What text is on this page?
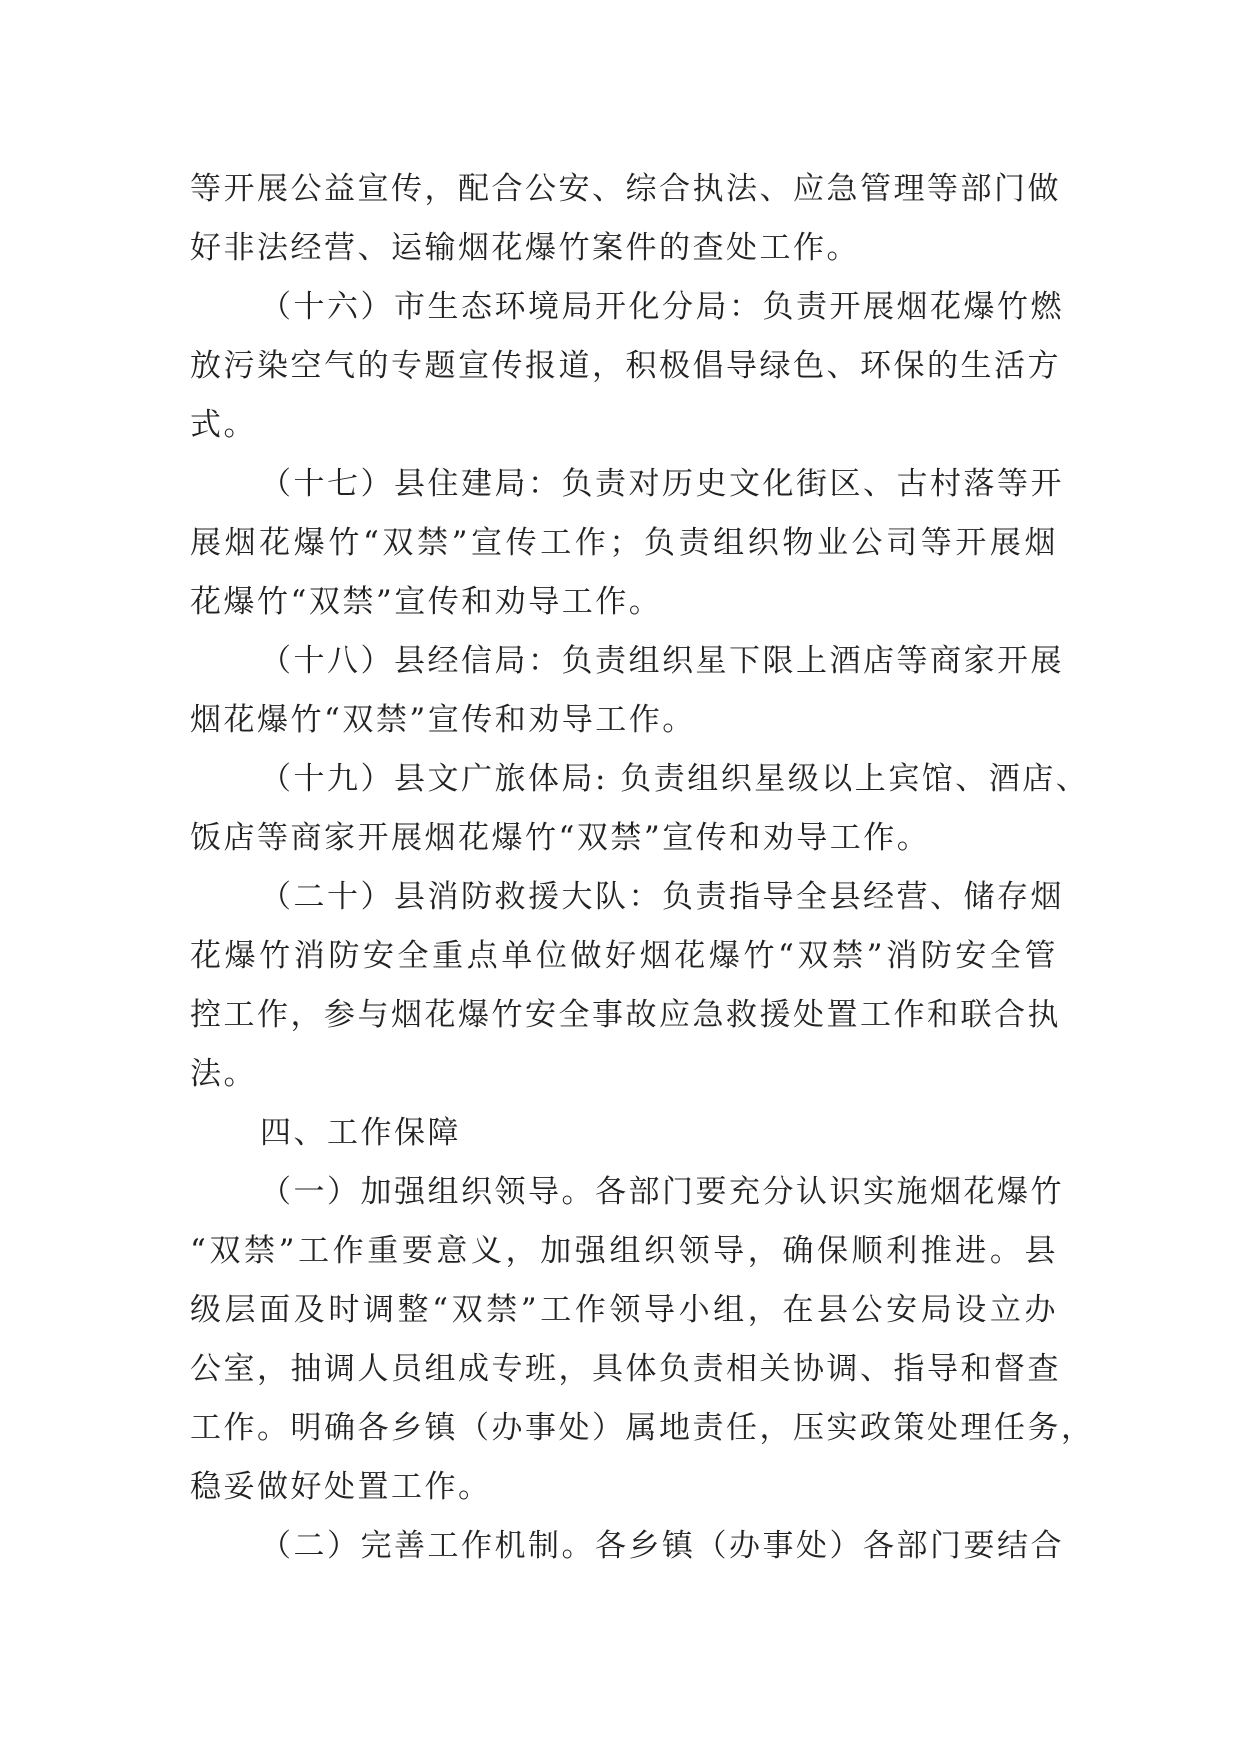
等开展公益宣传，配合公安、综合执法、应急管理等部门做
好非法经营、运输烟花爆竹案件的查处工作。
（十六）市生态环境局开化分局：负责开展烟花爆竹燃
放污染空气的专题宣传报道，积极倡导绿色、环保的生活方
式。
（十七）县住建局：负责对历史文化街区、古村落等开
展烟花爆竹“双禁”宣传工作；负责组织物业公司等开展烟
花爆竹“双禁”宣传和劝导工作。
（十八）县经信局：负责组织星下限上酒店等商家开展
烟花爆竹“双禁”宣传和劝导工作。
（十九）县文广旅体局: 负责组织星级以上宾馆、酒店、
饭店等商家开展烟花爆竹“双禁”宣传和劝导工作。
（二十）县消防救援大队：负责指导全县经营、储存烟
花爆竹消防安全重点单位做好烟花爆竹“双禁”消防安全管
控工作，参与烟花爆竹安全事故应急救援处置工作和联合执
法。
四、工作保障
（一）加强组织领导。各部门要充分认识实施烟花爆竹
“双禁”工作重要意义，加强组织领导，确保顺利推进。县
级层面及时调整“双禁”工作领导小组，在县公安局设立办
公室，抽调人员组成专班，具体负责相关协调、指导和督查
工作。明确各乡镇（办事处）属地责任，压实政策处理任务，
稳妥做好处置工作。
（二）完善工作机制。各乡镇（办事处）各部门要结合
